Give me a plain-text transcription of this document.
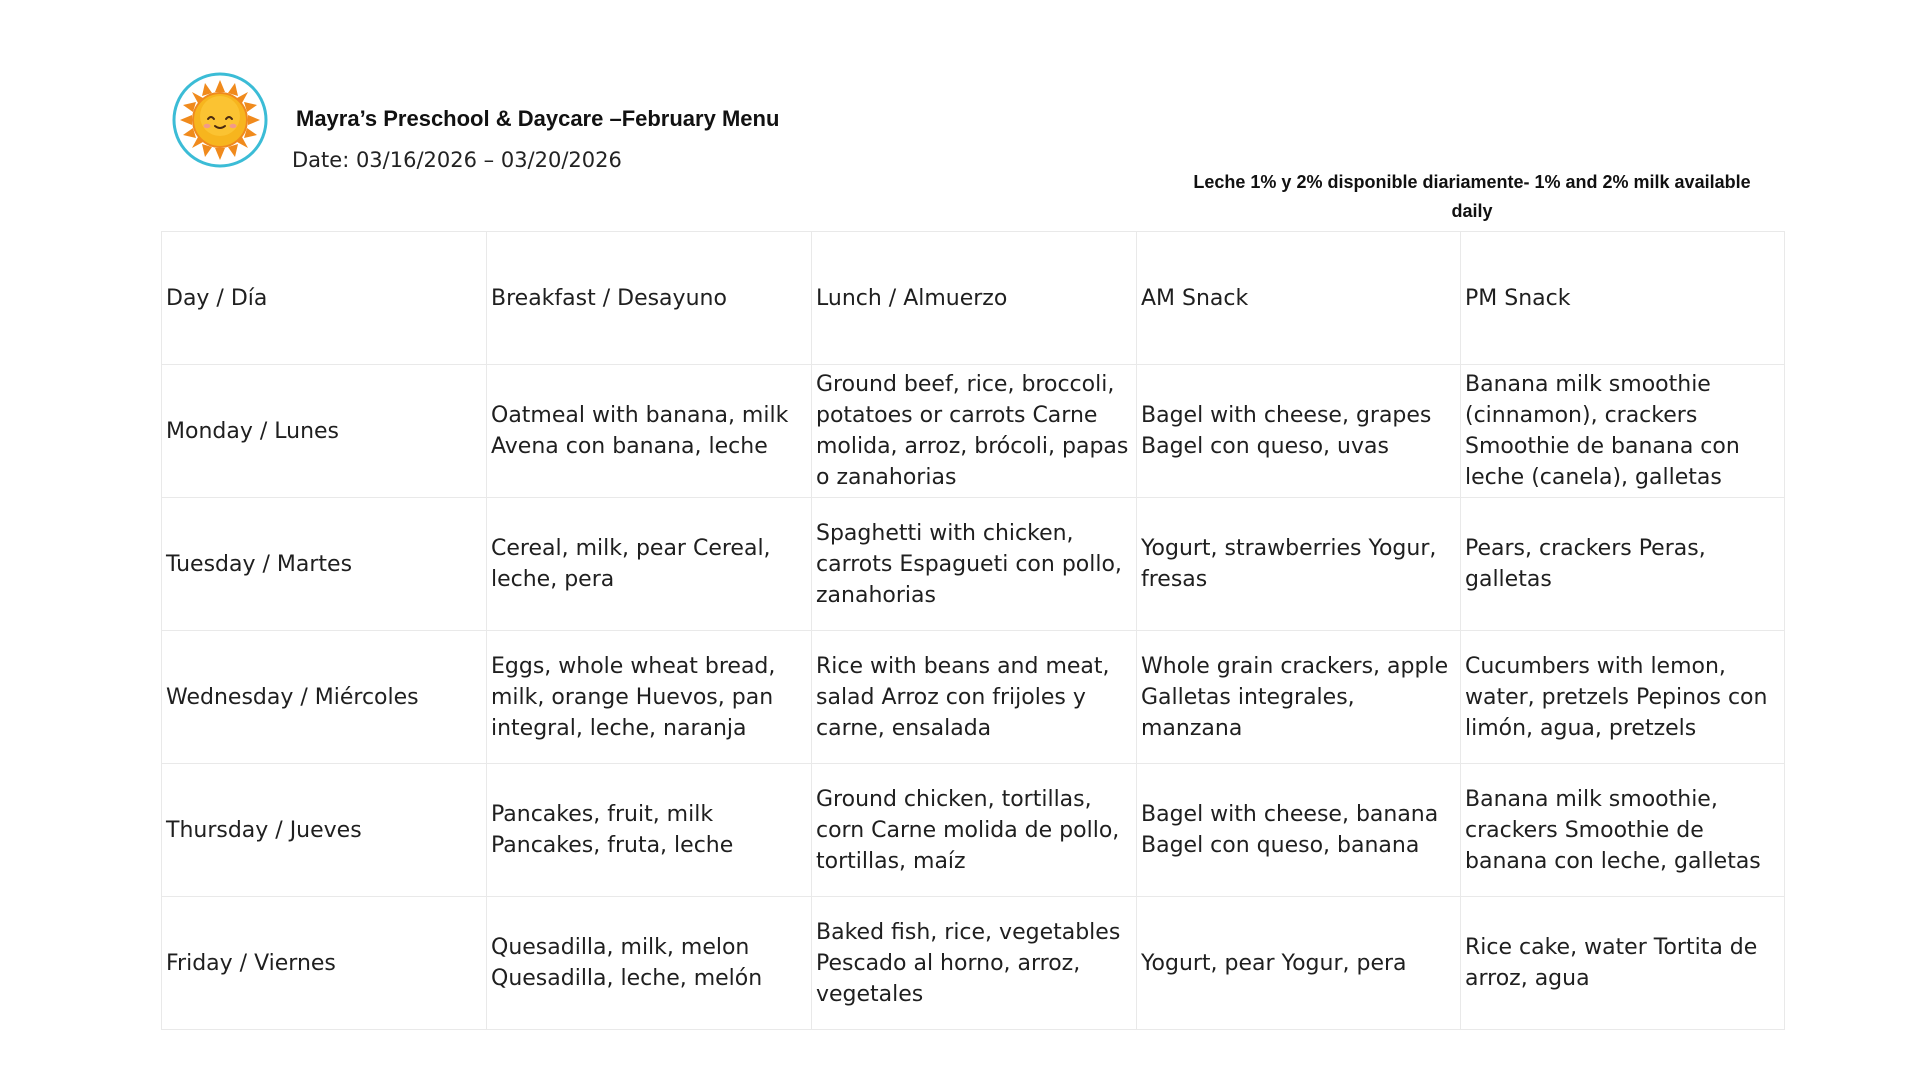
Mayra’s Preschool & Daycare –February Menu
Date: 03/16/2026 – 03/20/2026
Leche 1% y 2% disponible diariamente- 1% and 2% milk available daily
Day / Día	Breakfast / Desayuno	Lunch / Almuerzo	AM Snack	PM Snack

Monday / Lunes	Oatmeal with banana, milk Avena con banana, leche	Ground beef, rice, broccoli, potatoes or carrots Carne molida, arroz, brócoli, papas o zanahorias	Bagel with cheese, grapes Bagel con queso, uvas	Banana milk smoothie (cinnamon), crackers Smoothie de banana con leche (canela), galletas

Tuesday / Martes	Cereal, milk, pear Cereal, leche, pera	Spaghetti with chicken, carrots Espagueti con pollo, zanahorias	Yogurt, strawberries Yogur, fresas	Pears, crackers Peras, galletas

Wednesday / Miércoles	Eggs, whole wheat bread, milk, orange Huevos, pan integral, leche, naranja	Rice with beans and meat, salad Arroz con frijoles y carne, ensalada	Whole grain crackers, apple Galletas integrales, manzana	Cucumbers with lemon, water, pretzels Pepinos con limón, agua, pretzels

Thursday / Jueves	Pancakes, fruit, milk Pancakes, fruta, leche	Ground chicken, tortillas, corn Carne molida de pollo, tortillas, maíz	Bagel with cheese, banana Bagel con queso, banana	Banana milk smoothie, crackers Smoothie de banana con leche, galletas

Friday / Viernes	Quesadilla, milk, melon Quesadilla, leche, melón	Baked fish, rice, vegetables Pescado al horno, arroz, vegetales	Yogurt, pear Yogur, pera	Rice cake, water Tortita de arroz, agua
